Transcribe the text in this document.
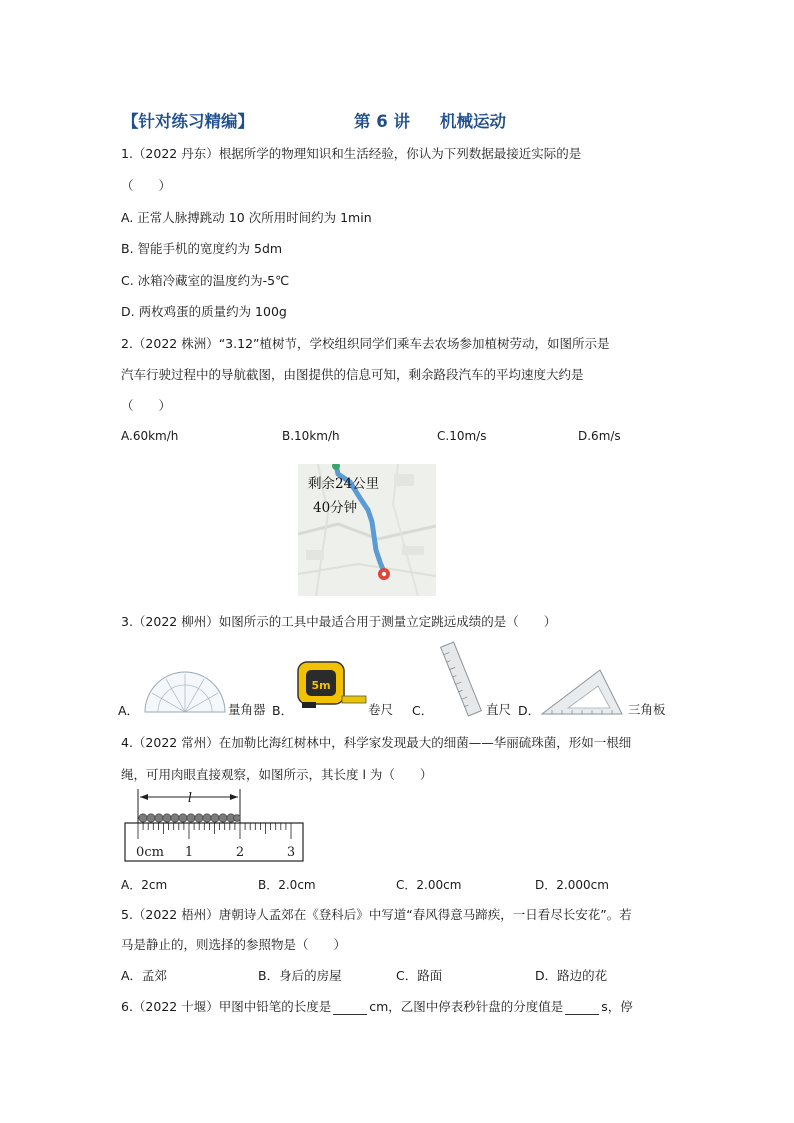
【针对练习精编】	第 6 讲 机械运动
1.（2022 丹东）根据所学的物理知识和生活经验，你认为下列数据最接近实际的是
（　　）
A. 正常人脉搏跳动 10 次所用时间约为 1min
B. 智能手机的宽度约为 5dm
C. 冰箱冷藏室的温度约为-5℃
D. 两枚鸡蛋的质量约为 100g
2.（2022 株洲）“3.12”植树节，学校组织同学们乘车去农场参加植树劳动，如图所示是
汽车行驶过程中的导航截图，由图提供的信息可知，剩余路段汽车的平均速度大约是
（　　）
A.60km/h	B.10km/h	C.10m/s	D.6m/s
剩余24公里
40分钟
3.（2022 柳州）如图所示的工具中最适合用于测量立定跳远成绩的是（　　）
A．	量角器 B．
5m
卷尺 C．	直尺 D．	三角板
4.（2022 常州）在加勒比海红树林中，科学家发现最大的细菌——华丽硫珠菌，形如一根细
绳，可用肉眼直接观察，如图所示，其长度 l 为（　　）
l
0cm 1	2	3
A．2cm	B．2.0cm	C．2.00cm	D．2.000cm
5.（2022 梧州）唐朝诗人孟郊在《登科后》中写道“春风得意马蹄疾，一日看尽长安花”。若
马是静止的，则选择的参照物是（　　）
A．孟郊	B．身后的房屋	C．路面	D．路边的花
6.（2022 十堰）甲图中铅笔的长度是	cm，乙图中停表秒针盘的分度值是	s，停
